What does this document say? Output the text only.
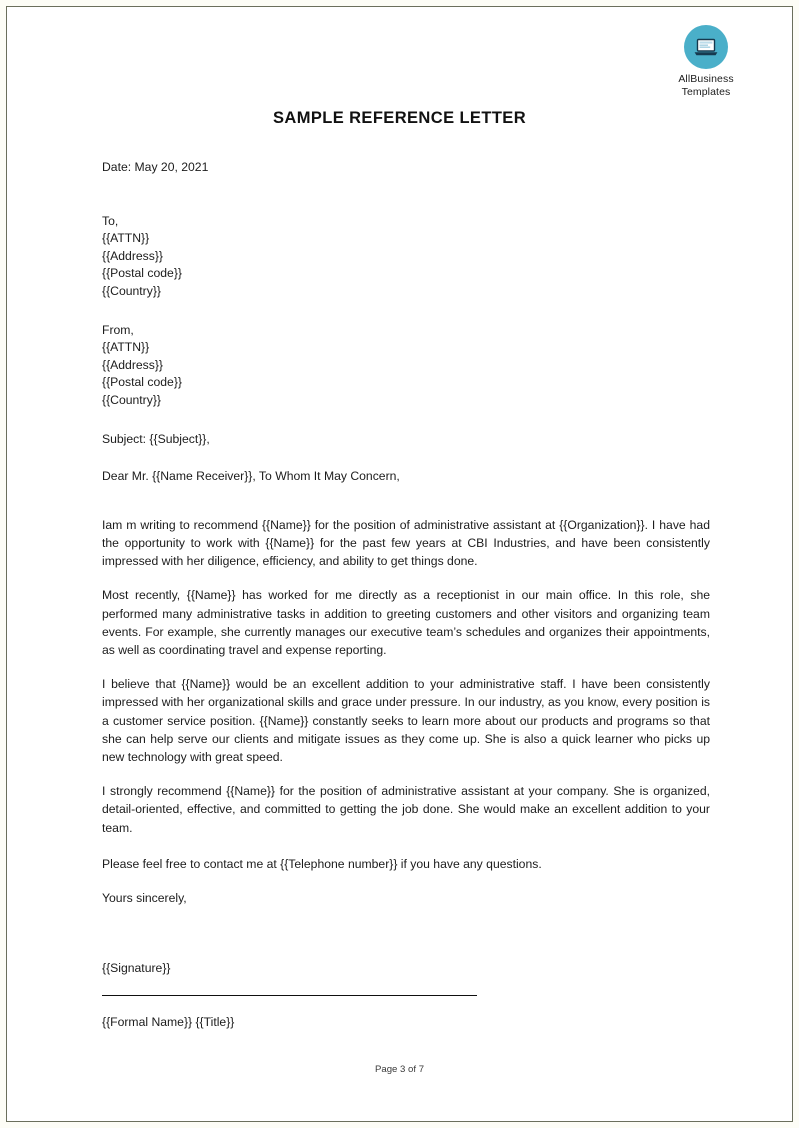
AllBusiness
Templates
SAMPLE REFERENCE LETTER
Date: May 20, 2021
To,
{{ATTN}}
{{Address}}
{{Postal code}}
{{Country}}
From,
{{ATTN}}
{{Address}}
{{Postal code}}
{{Country}}
Subject: {{Subject}},
Dear Mr. {{Name Receiver}}, To Whom It May Concern,

Iam m writing to recommend {{Name}} for the position of administrative assistant at {{Organization}}. I have had the opportunity to work with {{Name}} for the past few years at CBI Industries, and have been consistently impressed with her diligence, efficiency, and ability to get things done.

Most recently, {{Name}} has worked for me directly as a receptionist in our main office. In this role, she performed many administrative tasks in addition to greeting customers and other visitors and organizing team events. For example, she currently manages our executive team’s schedules and organizes their appointments, as well as coordinating travel and expense reporting.

I believe that {{Name}} would be an excellent addition to your administrative staff. I have been consistently impressed with her organizational skills and grace under pressure. In our industry, as you know, every position is a customer service position. {{Name}} constantly seeks to learn more about our products and programs so that she can help serve our clients and mitigate issues as they come up. She is also a quick learner who picks up new technology with great speed.

I strongly recommend {{Name}} for the position of administrative assistant at your company. She is organized, detail-oriented, effective, and committed to getting the job done. She would make an excellent addition to your team.

Please feel free to contact me at {{Telephone number}} if you have any questions.
Yours sincerely,
{{Signature}}
{{Formal Name}} {{Title}}
Page 3 of 7
